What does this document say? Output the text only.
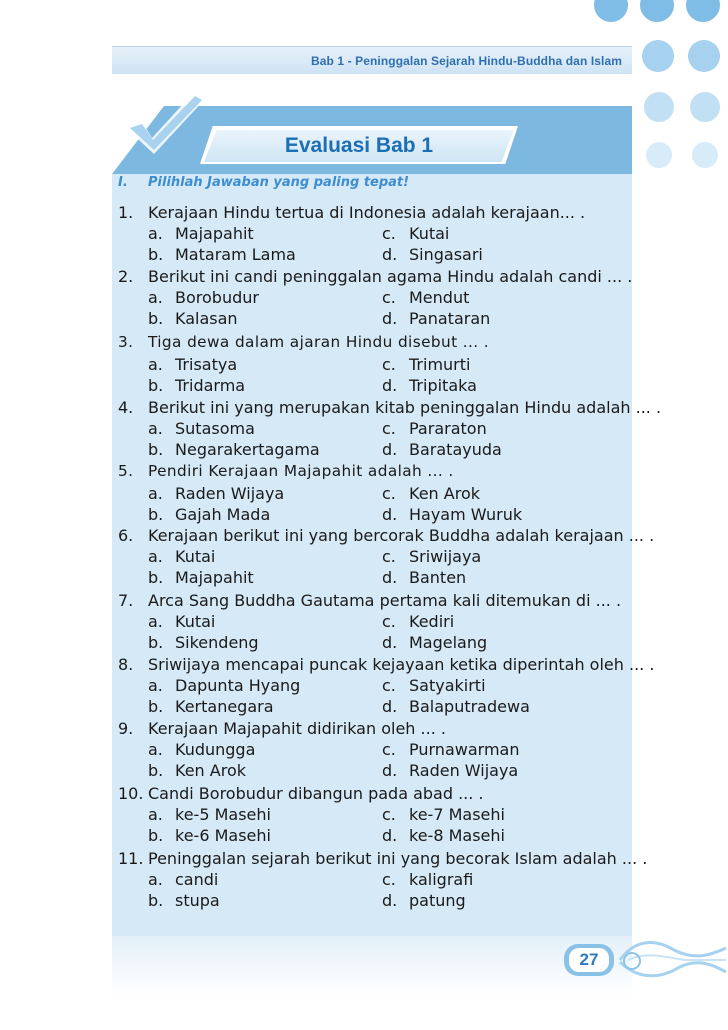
Bab 1 - Peninggalan Sejarah Hindu-Buddha dan Islam
Evaluasi Bab 1
I. Pilihlah Jawaban yang paling tepat!
1. Kerajaan Hindu tertua di Indonesia adalah kerajaan... .
a. Majapahit	c. Kutai
b. Mataram Lama	d. Singasari
2. Berikut ini candi peninggalan agama Hindu adalah candi ... .
a. Borobudur	c. Mendut
b. Kalasan	d. Panataran
3. Tiga dewa dalam ajaran Hindu disebut ... .
a. Trisatya	c. Trimurti
b. Tridarma	d. Tripitaka
4. Berikut ini yang merupakan kitab peninggalan Hindu adalah ... .
a. Sutasoma	c. Pararaton
b. Negarakertagama	d. Baratayuda
5. Pendiri Kerajaan Majapahit adalah ... .
a. Raden Wijaya	c. Ken Arok
b. Gajah Mada	d. Hayam Wuruk
6. Kerajaan berikut ini yang bercorak Buddha adalah kerajaan ... .
a. Kutai	c. Sriwijaya
b. Majapahit	d. Banten
7. Arca Sang Buddha Gautama pertama kali ditemukan di ... .
a. Kutai	c. Kediri
b. Sikendeng	d. Magelang
8. Sriwijaya mencapai puncak kejayaan ketika diperintah oleh ... .
a. Dapunta Hyang	c. Satyakirti
b. Kertanegara	d. Balaputradewa
9. Kerajaan Majapahit didirikan oleh ... .
a. Kudungga	c. Purnawarman
b. Ken Arok	d. Raden Wijaya
10. Candi Borobudur dibangun pada abad ... .
a. ke-5 Masehi	c. ke-7 Masehi
b. ke-6 Masehi	d. ke-8 Masehi
11. Peninggalan sejarah berikut ini yang becorak Islam adalah ... .
a. candi	c. kaligrafi
b. stupa	d. patung
27
